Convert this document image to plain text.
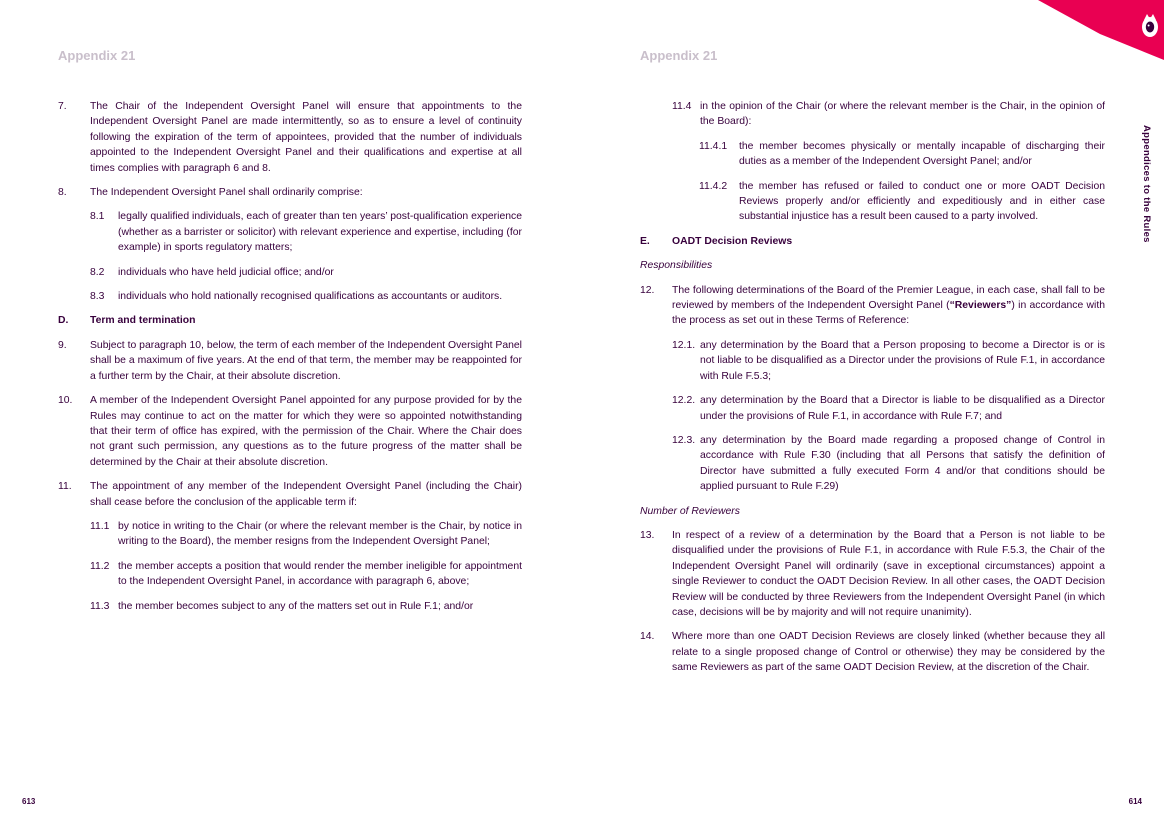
Appendix 21
7.	The Chair of the Independent Oversight Panel will ensure that appointments to the Independent Oversight Panel are made intermittently, so as to ensure a level of continuity following the expiration of the term of appointees, provided that the number of individuals appointed to the Independent Oversight Panel and their qualifications and expertise at all times complies with paragraph 6 and 8.
8.	The Independent Oversight Panel shall ordinarily comprise:
8.1	legally qualified individuals, each of greater than ten years’ post-qualification experience (whether as a barrister or solicitor) with relevant experience and expertise, including (for example) in sports regulatory matters;
8.2	individuals who have held judicial office; and/or
8.3	individuals who hold nationally recognised qualifications as accountants or auditors.
D.	Term and termination
9.	Subject to paragraph 10, below, the term of each member of the Independent Oversight Panel shall be a maximum of five years. At the end of that term, the member may be reappointed for a further term by the Chair, at their absolute discretion.
10.	A member of the Independent Oversight Panel appointed for any purpose provided for by the Rules may continue to act on the matter for which they were so appointed notwithstanding that their term of office has expired, with the permission of the Chair. Where the Chair does not grant such permission, any questions as to the future progress of the matter shall be determined by the Chair at their absolute discretion.
11.	The appointment of any member of the Independent Oversight Panel (including the Chair) shall cease before the conclusion of the applicable term if:
11.1 by notice in writing to the Chair (or where the relevant member is the Chair, by notice in writing to the Board), the member resigns from the Independent Oversight Panel;
11.2 the member accepts a position that would render the member ineligible for appointment to the Independent Oversight Panel, in accordance with paragraph 6, above;
11.3 the member becomes subject to any of the matters set out in Rule F.1; and/or
613
Appendix 21
Appendices to the Rules
11.4 in the opinion of the Chair (or where the relevant member is the Chair, in the opinion of the Board):
11.4.1	the member becomes physically or mentally incapable of discharging their duties as a member of the Independent Oversight Panel; and/or
11.4.2	the member has refused or failed to conduct one or more OADT Decision Reviews properly and/or efficiently and expeditiously and in either case substantial injustice has a result been caused to a party involved.
E.	OADT Decision Reviews
Responsibilities
12.	The following determinations of the Board of the Premier League, in each case, shall fall to be reviewed by members of the Independent Oversight Panel (“Reviewers”) in accordance with the process as set out in these Terms of Reference:
12.1. any determination by the Board that a Person proposing to become a Director is or is not liable to be disqualified as a Director under the provisions of Rule F.1, in accordance with Rule F.5.3;
12.2. any determination by the Board that a Director is liable to be disqualified as a Director under the provisions of Rule F.1, in accordance with Rule F.7; and
12.3. any determination by the Board made regarding a proposed change of Control in accordance with Rule F.30 (including that all Persons that satisfy the definition of Director have submitted a fully executed Form 4 and/or that conditions should be applied pursuant to Rule F.29)
Number of Reviewers
13.	In respect of a review of a determination by the Board that a Person is not liable to be disqualified under the provisions of Rule F.1, in accordance with Rule F.5.3, the Chair of the Independent Oversight Panel will ordinarily (save in exceptional circumstances) appoint a single Reviewer to conduct the OADT Decision Review. In all other cases, the OADT Decision Review will be conducted by three Reviewers from the Independent Oversight Panel (in which case, decisions will be by majority and will not require unanimity).
14.	Where more than one OADT Decision Reviews are closely linked (whether because they all relate to a single proposed change of Control or otherwise) they may be considered by the same Reviewers as part of the same OADT Decision Review, at the discretion of the Chair.
614
